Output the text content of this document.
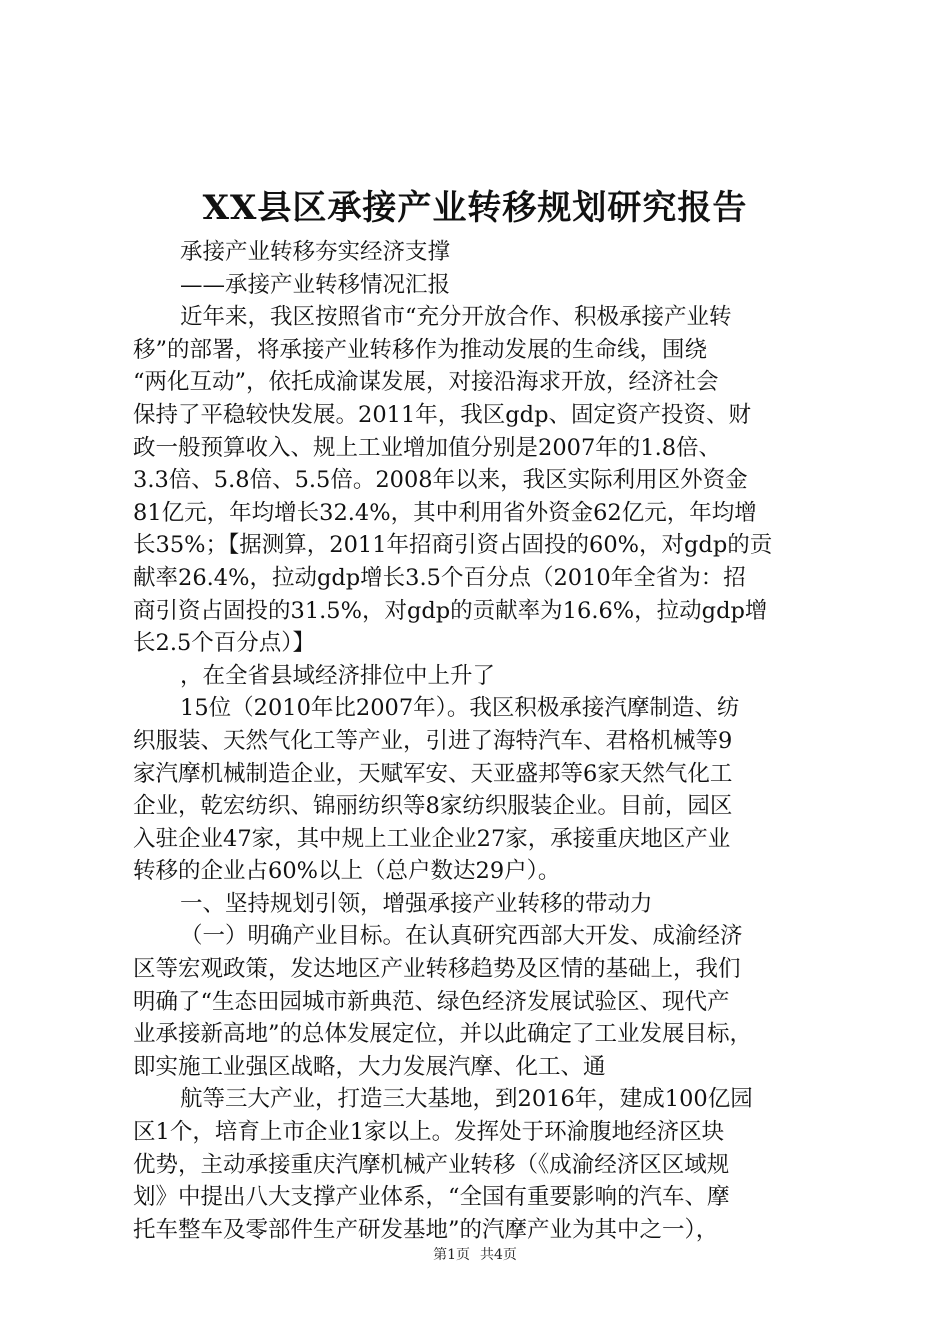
XX县区承接产业转移规划研究报告
承接产业转移夯实经济支撑
——承接产业转移情况汇报
近年来，我区按照省市“充分开放合作、积极承接产业转
移”的部署，将承接产业转移作为推动发展的生命线，围绕
“两化互动”，依托成渝谋发展，对接沿海求开放，经济社会
保持了平稳较快发展。2011年，我区gdp、固定资产投资、财
政一般预算收入、规上工业增加值分别是2007年的1.8倍、
3.3倍、5.8倍、5.5倍。2008年以来，我区实际利用区外资金
81亿元，年均增长32.4%，其中利用省外资金62亿元，年均增
长35%；【据测算，2011年招商引资占固投的60%，对gdp的贡
献率26.4%，拉动gdp增长3.5个百分点（2010年全省为：招
商引资占固投的31.5%，对gdp的贡献率为16.6%，拉动gdp增
长2.5个百分点）】
，在全省县域经济排位中上升了
15位（2010年比2007年）。我区积极承接汽摩制造、纺
织服装、天然气化工等产业，引进了海特汽车、君格机械等9
家汽摩机械制造企业，天赋军安、天亚盛邦等6家天然气化工
企业，乾宏纺织、锦丽纺织等8家纺织服装企业。目前，园区
入驻企业47家，其中规上工业企业27家，承接重庆地区产业
转移的企业占60%以上（总户数达29户）。
一、坚持规划引领，增强承接产业转移的带动力
（一）明确产业目标。在认真研究西部大开发、成渝经济
区等宏观政策，发达地区产业转移趋势及区情的基础上，我们
明确了“生态田园城市新典范、绿色经济发展试验区、现代产
业承接新高地”的总体发展定位，并以此确定了工业发展目标，
即实施工业强区战略，大力发展汽摩、化工、通
航等三大产业，打造三大基地，到2016年，建成100亿园
区1个，培育上市企业1家以上。发挥处于环渝腹地经济区块
优势，主动承接重庆汽摩机械产业转移（《成渝经济区区域规
划》中提出八大支撑产业体系，“全国有重要影响的汽车、摩
托车整车及零部件生产研发基地”的汽摩产业为其中之一），
第1页 共4页
